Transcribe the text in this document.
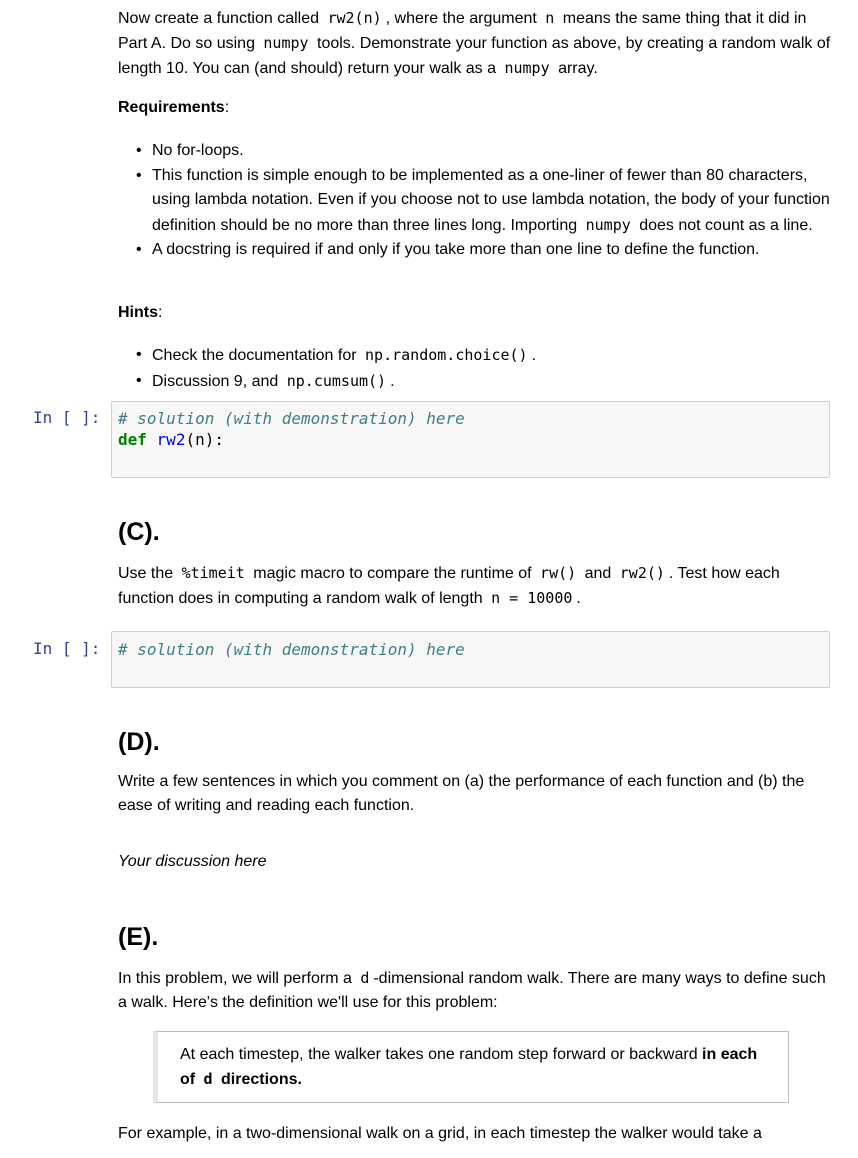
Now create a function called rw2(n) , where the argument n means the same thing that it did in Part A. Do so using numpy tools. Demonstrate your function as above, by creating a random walk of length 10. You can (and should) return your walk as a numpy array.

Requirements:
• No for-loops.
• This function is simple enough to be implemented as a one-liner of fewer than 80 characters, using lambda notation. Even if you choose not to use lambda notation, the body of your function definition should be no more than three lines long. Importing numpy does not count as a line.
• A docstring is required if and only if you take more than one line to define the function.
Hints:
• Check the documentation for np.random.choice() .
• Discussion 9, and np.cumsum() .
In [ ]: # solution (with demonstration) here
def rw2(n):
(C).

Use the %timeit magic macro to compare the runtime of rw() and rw2() . Test how each function does in computing a random walk of length n = 10000 .

In [ ]: # solution (with demonstration) here
(D).

Write a few sentences in which you comment on (a) the performance of each function and (b) the ease of writing and reading each function.

Your discussion here

(E).

In this problem, we will perform a d -dimensional random walk. There are many ways to define such a walk. Here's the definition we'll use for this problem:

At each timestep, the walker takes one random step forward or backward in each of d directions.

For example, in a two-dimensional walk on a grid, in each timestep the walker would take a
